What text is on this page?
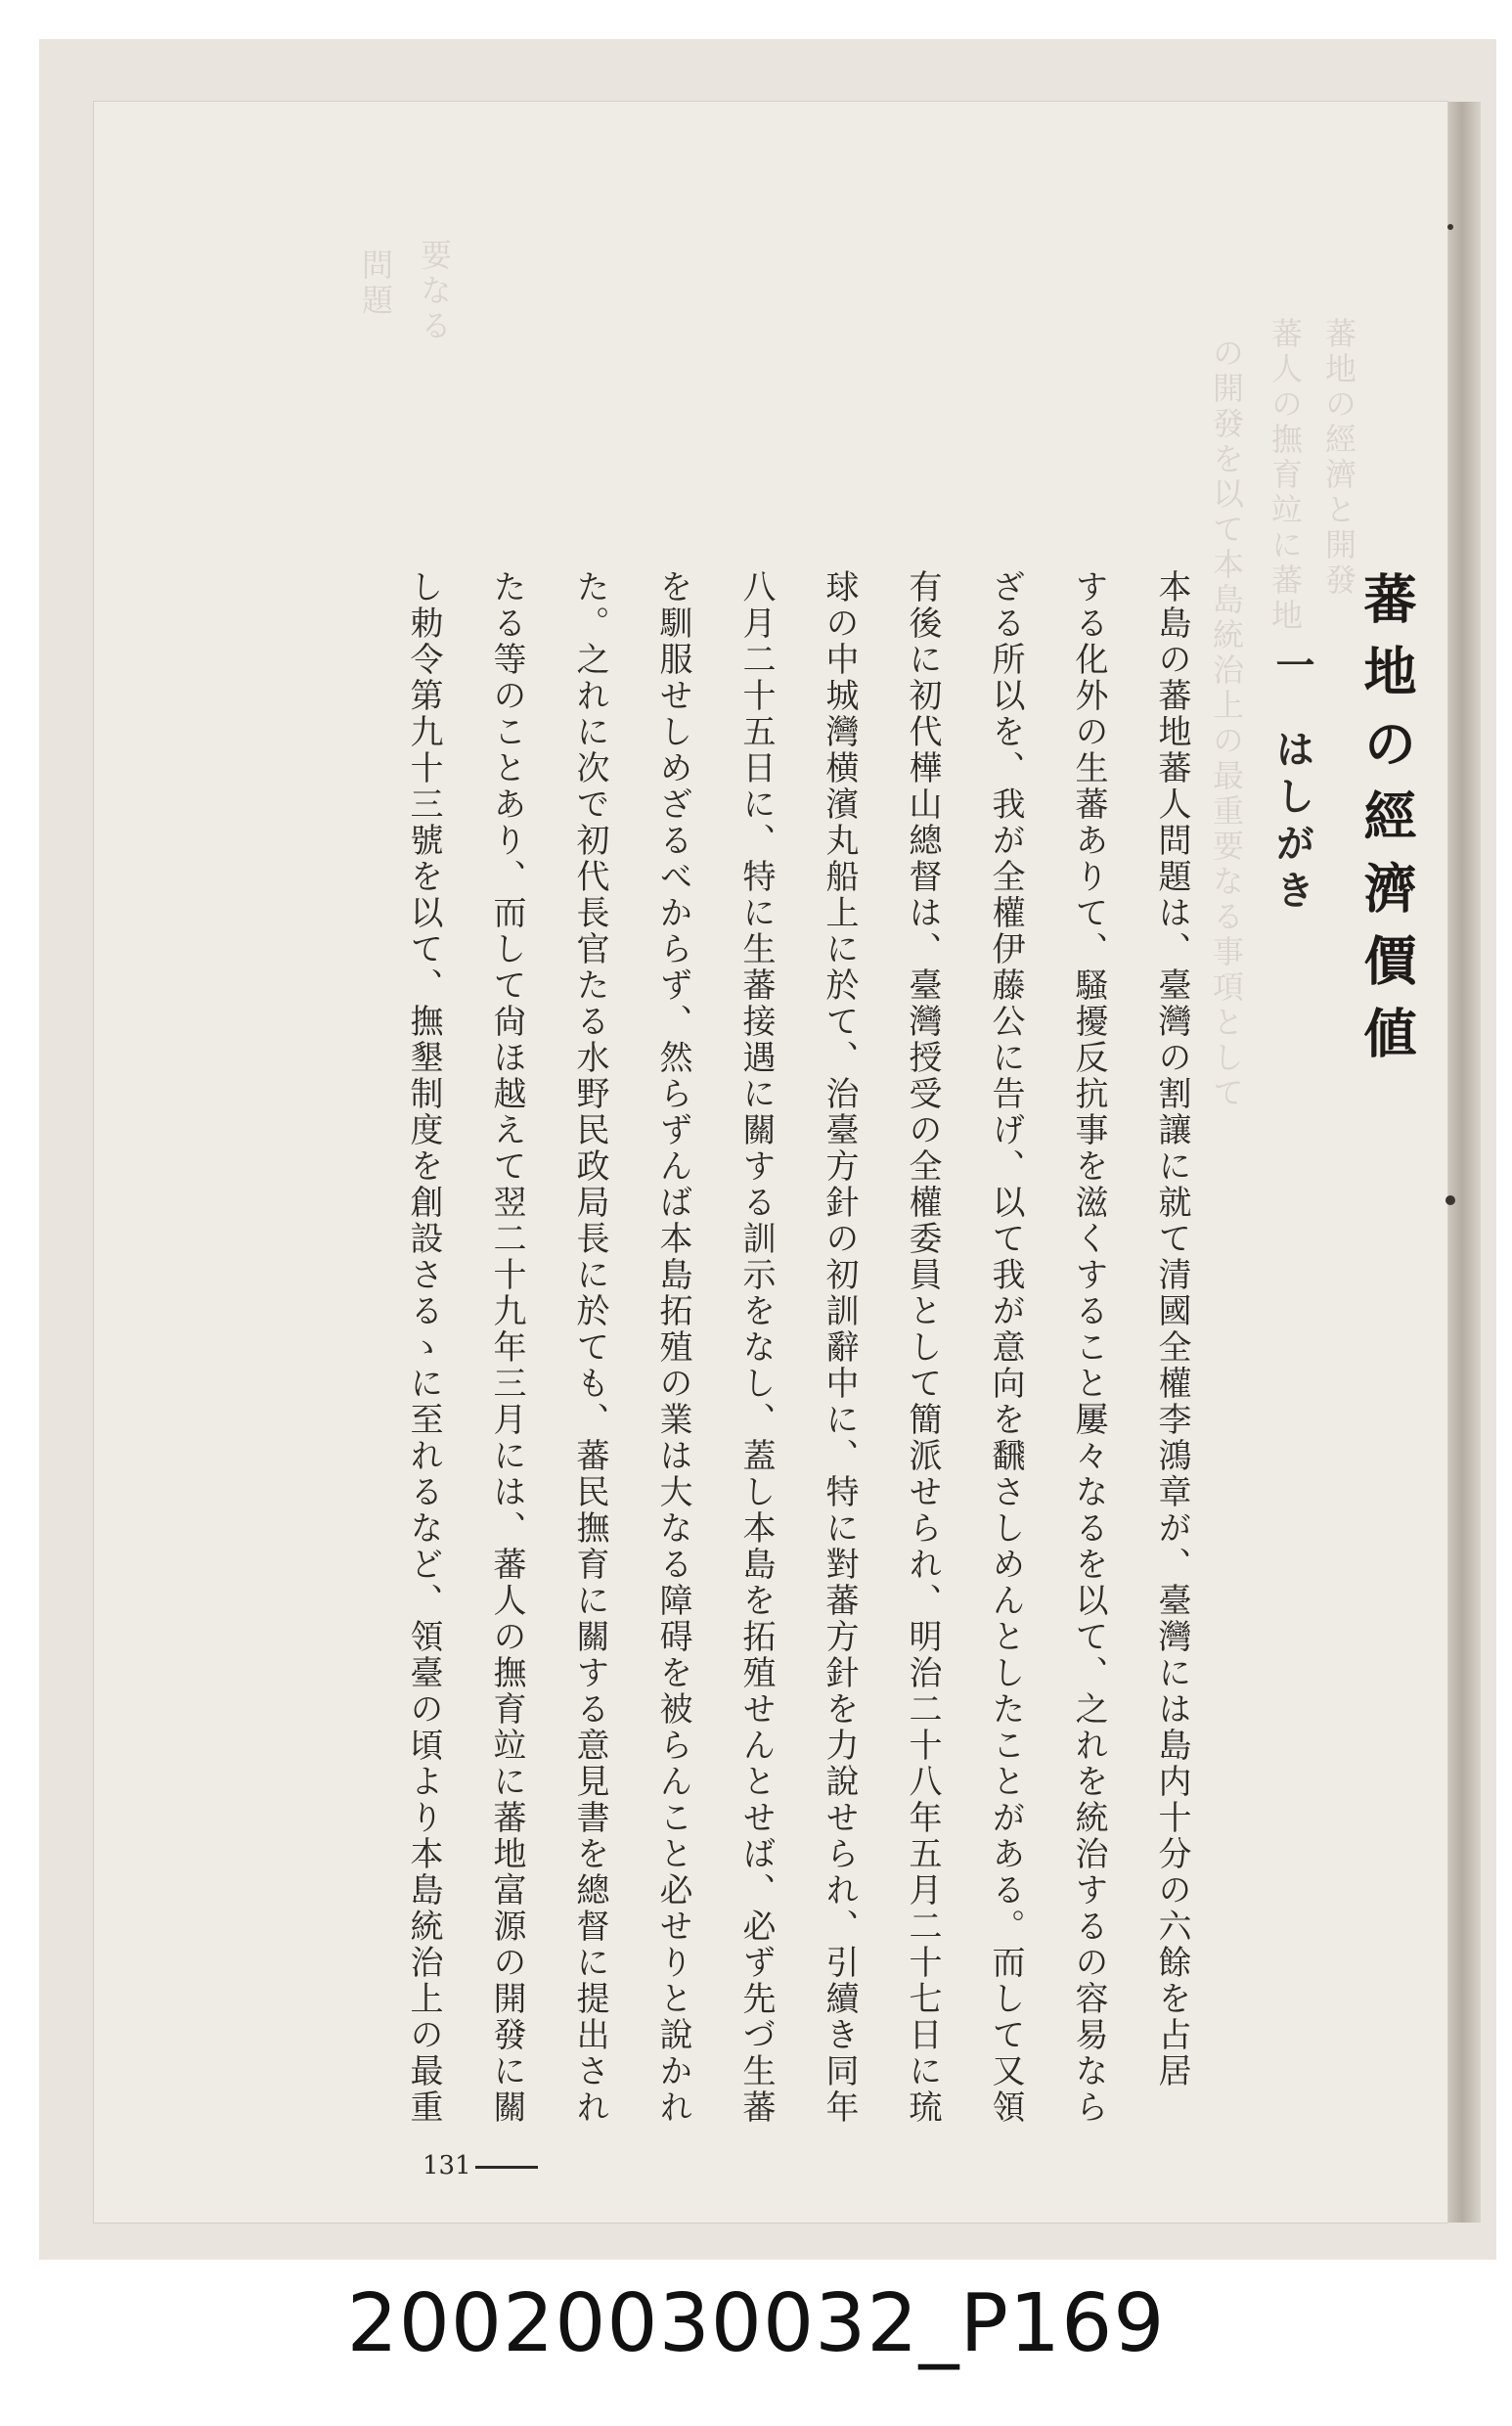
蕃地の經濟と開發
蕃人の撫育竝に蕃地
の開發を以て本島統治上の最重要なる事項として
要なる
問題
蕃地の經濟價値
一はしがき
本島の蕃地蕃人問題は、臺灣の割讓に就て清國全權李鴻章が、臺灣には島内十分の六餘を占居
する化外の生蕃ありて、騷擾反抗事を滋くすること屢々なるを以て、之れを統治するの容易なら
ざる所以を、我が全權伊藤公に告げ、以て我が意向を飜さしめんとしたことがある。而して又領
有後に初代樺山總督は、臺灣授受の全權委員として簡派せられ、明治二十八年五月二十七日に琉
球の中城灣横濱丸船上に於て、治臺方針の初訓辭中に、特に對蕃方針を力說せられ、引續き同年
八月二十五日に、特に生蕃接遇に關する訓示をなし、蓋し本島を拓殖せんとせば、必ず先づ生蕃
を馴服せしめざるべからず、然らずんば本島拓殖の業は大なる障碍を被らんこと必せりと說かれ
た。之れに次で初代長官たる水野民政局長に於ても、蕃民撫育に關する意見書を總督に提出され
たる等のことあり、而して尙ほ越えて翌二十九年三月には、蕃人の撫育竝に蕃地富源の開發に關
し勅令第九十三號を以て、撫墾制度を創設さるゝに至れるなど、領臺の頃より本島統治上の最重
131
20020030032_P169
